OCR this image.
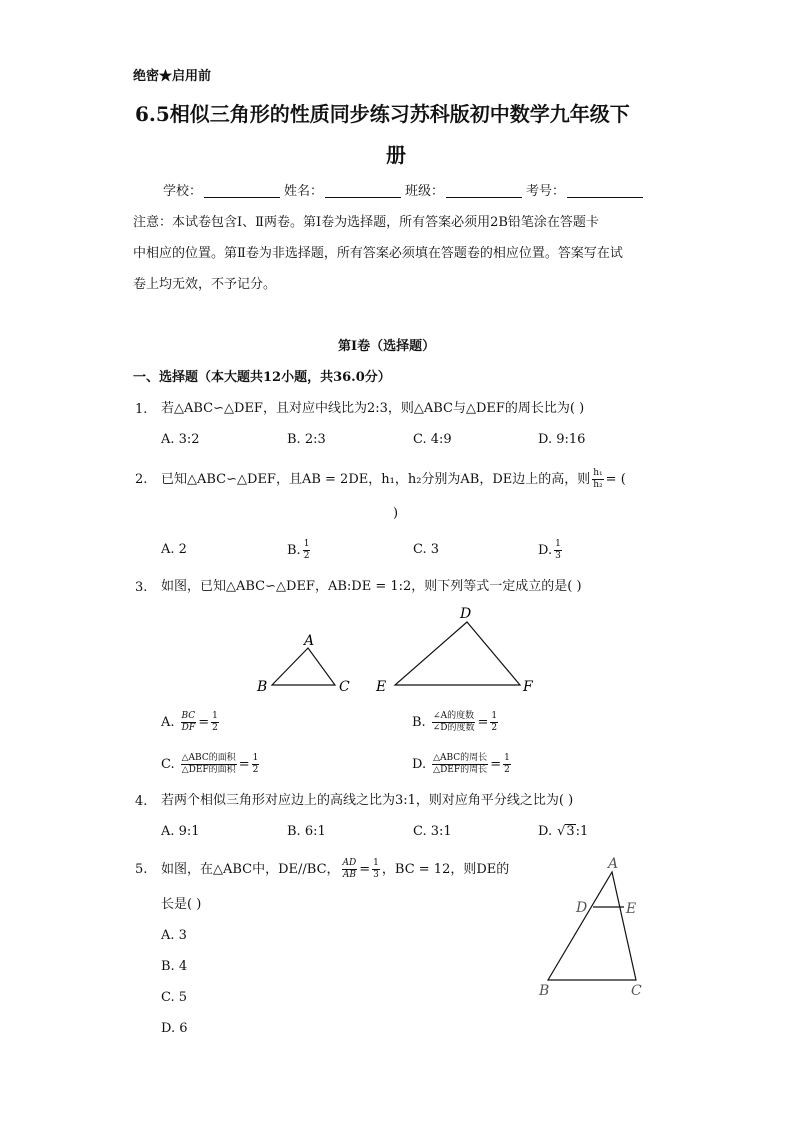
绝密★启用前
6.5相似三角形的性质同步练习苏科版初中数学九年级下
册
学校：	姓名：	班级：	考号：
注意：本试卷包含Ⅰ、Ⅱ两卷。第Ⅰ卷为选择题，所有答案必须用2B铅笔涂在答题卡
中相应的位置。第Ⅱ卷为非选择题，所有答案必须填在答题卷的相应位置。答案写在试
卷上均无效，不予记分。
第Ⅰ卷（选择题）
一、选择题（本大题共12小题，共36.0分）
1. 若△ABC∽△DEF，且对应中线比为2:3，则△ABC与△DEF的周长比为( )
A. 3:2	B. 2:3	C. 4:9	D. 9:16
2. 已知△ABC∽△DEF，且AB = 2DE，h₁，h₂分别为AB，DE边上的高，则 $\frac{\text{h₁}}{\text{h₂}}$ = (
)
A. 2	B. $\frac{1}{2}$	C. 3	D. $\frac{1}{3}$
3. 如图，已知△ABC∽△DEF，AB:DE = 1:2，则下列等式一定成立的是( )
A
B	C
D
E	F
A. $\frac{BC}{DF} = \frac{1}{2}$	B. $\frac{\text{∠A的度数}}{\text{∠D的度数}} = \frac{1}{2}$
C. $\frac{\text{△ABC的面积}}{\text{△DEF的面积}} = \frac{1}{2}$	D. $\frac{\text{△ABC的周长}}{\text{△DEF的周长}} = \frac{1}{2}$
4. 若两个相似三角形对应边上的高线之比为3:1，则对应角平分线之比为( )
A. 9:1	B. 6:1	C. 3:1	D. √ 3 :1
5. 如图，在△ABC中，DE//BC， $\frac{AD}{AB} = \frac{1}{3}$ ，BC = 12，则DE的
长是( )
A. 3
B. 4
C. 5
D. 6
A
D	E
B	C
